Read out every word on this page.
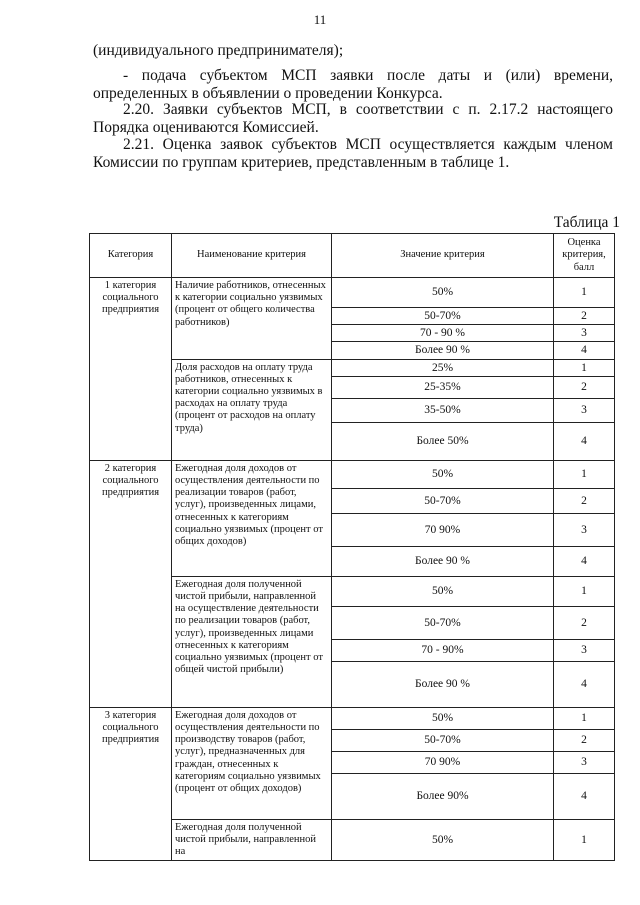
11
(индивидуального предпринимателя);
- подача субъектом МСП заявки после даты и (или) времени,
определенных в объявлении о проведении Конкурса.
2.20. Заявки субъектов МСП, в соответствии с п. 2.17.2 настоящего
Порядка оцениваются Комиссией.
2.21. Оценка заявок субъектов МСП осуществляется каждым членом
Комиссии по группам критериев, представленным в таблице 1.
Таблица 1
Категория	Наименование критерия	Значение критерия	Оценка критерия, балл
1 категория социального предприятия	Наличие работников, отнесенных к категории социально уязвимых (процент от общего количества работников)	50%	1
		50-70%	2
		70 - 90 %	3
		Более 90 %	4
	Доля расходов на оплату труда работников, отнесенных к категории социально уязвимых в расходах на оплату труда (процент от расходов на оплату труда)	25%	1
		25-35%	2
		35-50%	3
		Более 50%	4
2 категория социального предприятия	Ежегодная доля доходов от осуществления деятельности по реализации товаров (работ, услуг), произведенных лицами, отнесенных к категориям социально уязвимых (процент от общих доходов)	50%	1
		50-70%	2
		70 90%	3
		Более 90 %	4
	Ежегодная доля полученной чистой прибыли, направленной на осуществление деятельности по реализации товаров (работ, услуг), произведенных лицами отнесенных к категориям социально уязвимых (процент от общей чистой прибыли)	50%	1
		50-70%	2
		70 - 90%	3
		Более 90 %	4
3 категория социального предприятия	Ежегодная доля доходов от осуществления деятельности по производству товаров (работ, услуг), предназначенных для граждан, отнесенных к категориям социально уязвимых (процент от общих доходов)	50%	1
		50-70%	2
		70 90%	3
		Более 90%	4
	Ежегодная доля полученной чистой прибыли, направленной на	50%	1
